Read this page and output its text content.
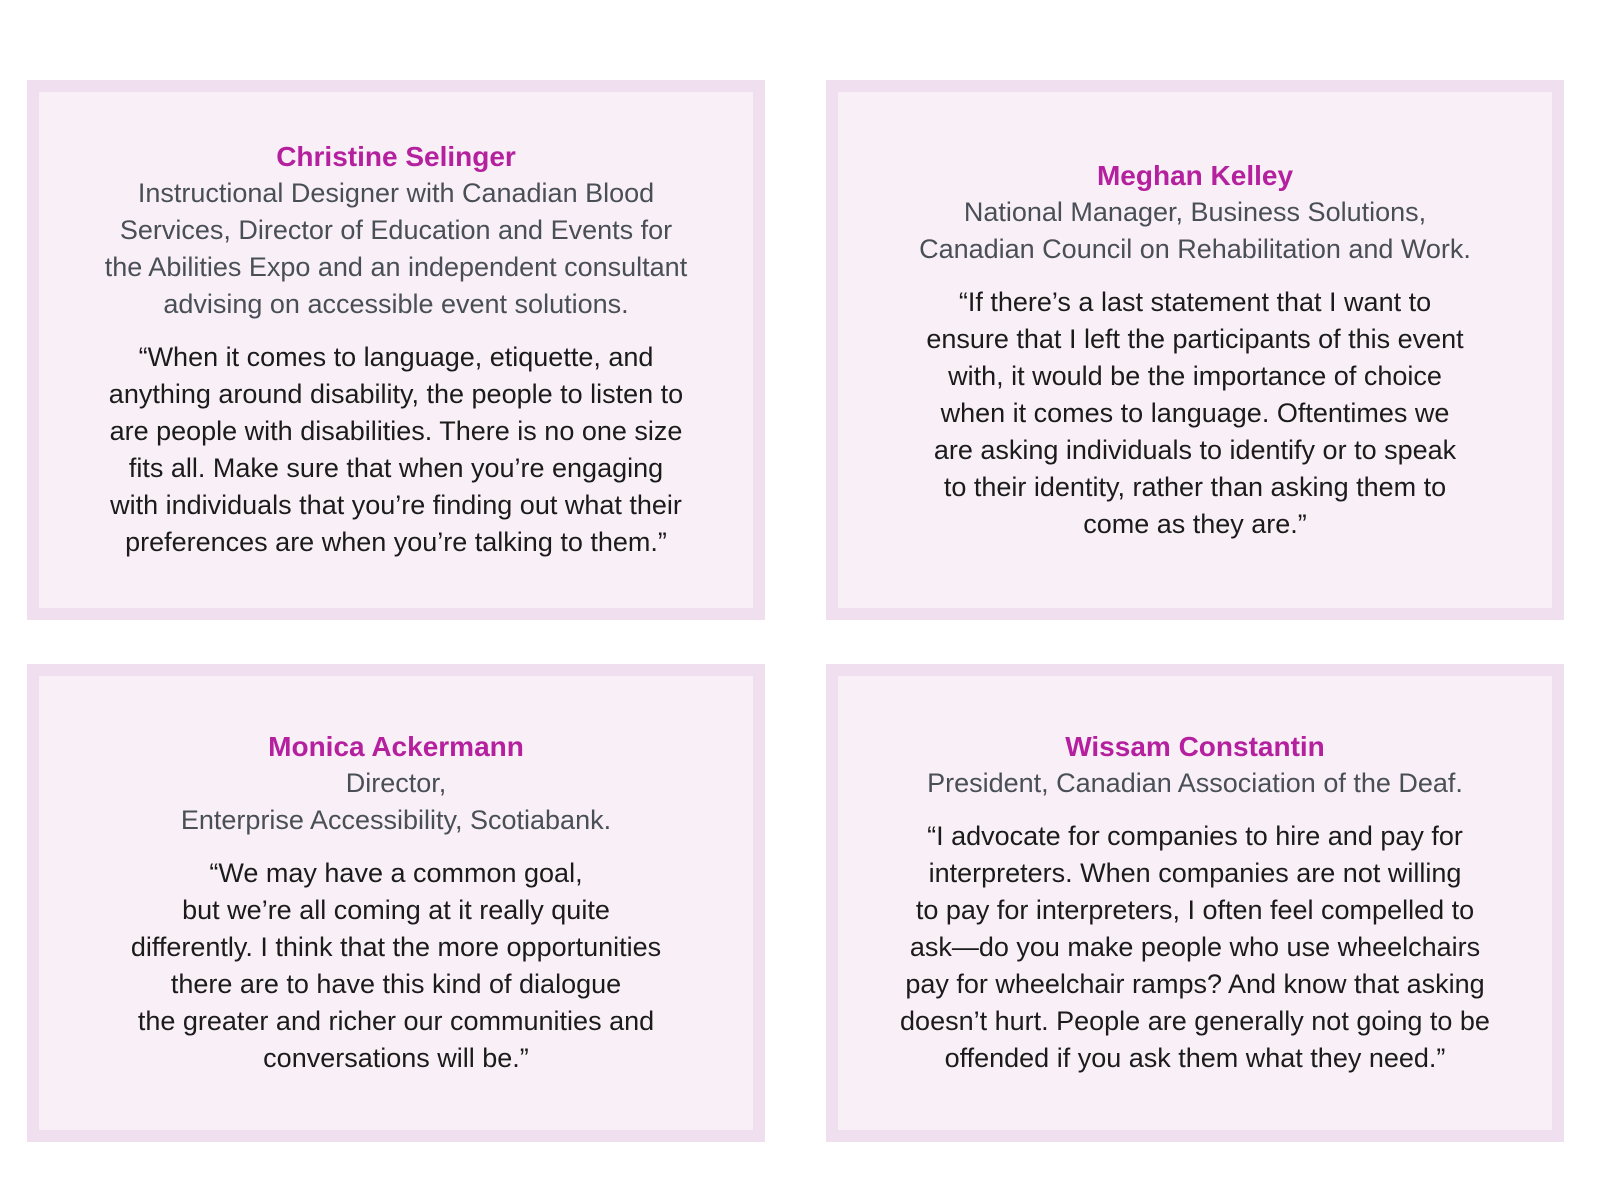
Christine Selinger
Instructional Designer with Canadian Blood
Services, Director of Education and Events for
the Abilities Expo and an independent consultant
advising on accessible event solutions.
“When it comes to language, etiquette, and
anything around disability, the people to listen to
are people with disabilities. There is no one size
fits all. Make sure that when you’re engaging
with individuals that you’re finding out what their
preferences are when you’re talking to them.”
Meghan Kelley
National Manager, Business Solutions,
Canadian Council on Rehabilitation and Work.
“If there’s a last statement that I want to
ensure that I left the participants of this event
with, it would be the importance of choice
when it comes to language. Oftentimes we
are asking individuals to identify or to speak
to their identity, rather than asking them to
come as they are.”
Monica Ackermann
Director,
Enterprise Accessibility, Scotiabank.
“We may have a common goal,
but we’re all coming at it really quite
differently. I think that the more opportunities
there are to have this kind of dialogue
the greater and richer our communities and
conversations will be.”
Wissam Constantin
President, Canadian Association of the Deaf.
“I advocate for companies to hire and pay for
interpreters. When companies are not willing
to pay for interpreters, I often feel compelled to
ask—do you make people who use wheelchairs
pay for wheelchair ramps? And know that asking
doesn’t hurt. People are generally not going to be
offended if you ask them what they need.”
